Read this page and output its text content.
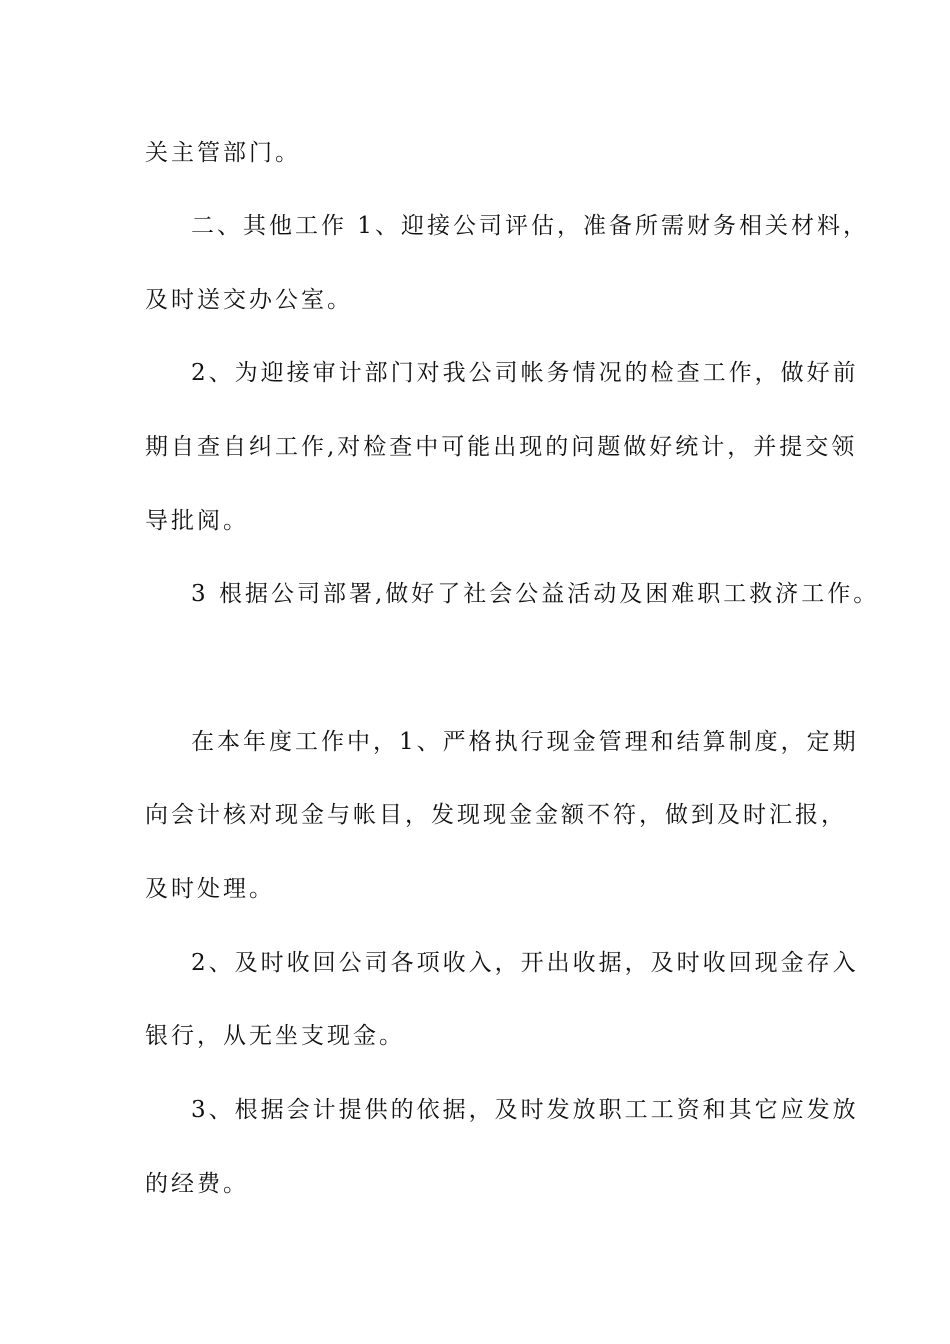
关主管部门。
二、其他工作 1、迎接公司评估，准备所需财务相关材料，
及时送交办公室。
2、为迎接审计部门对我公司帐务情况的检查工作，做好前
期自查自纠工作,对检查中可能出现的问题做好统计，并提交领
导批阅。
3 根据公司部署,做好了社会公益活动及困难职工救济工作。
在本年度工作中，1、严格执行现金管理和结算制度，定期
向会计核对现金与帐目，发现现金金额不符，做到及时汇报，
及时处理。
2、及时收回公司各项收入，开出收据，及时收回现金存入
银行，从无坐支现金。
3、根据会计提供的依据，及时发放职工工资和其它应发放
的经费。
